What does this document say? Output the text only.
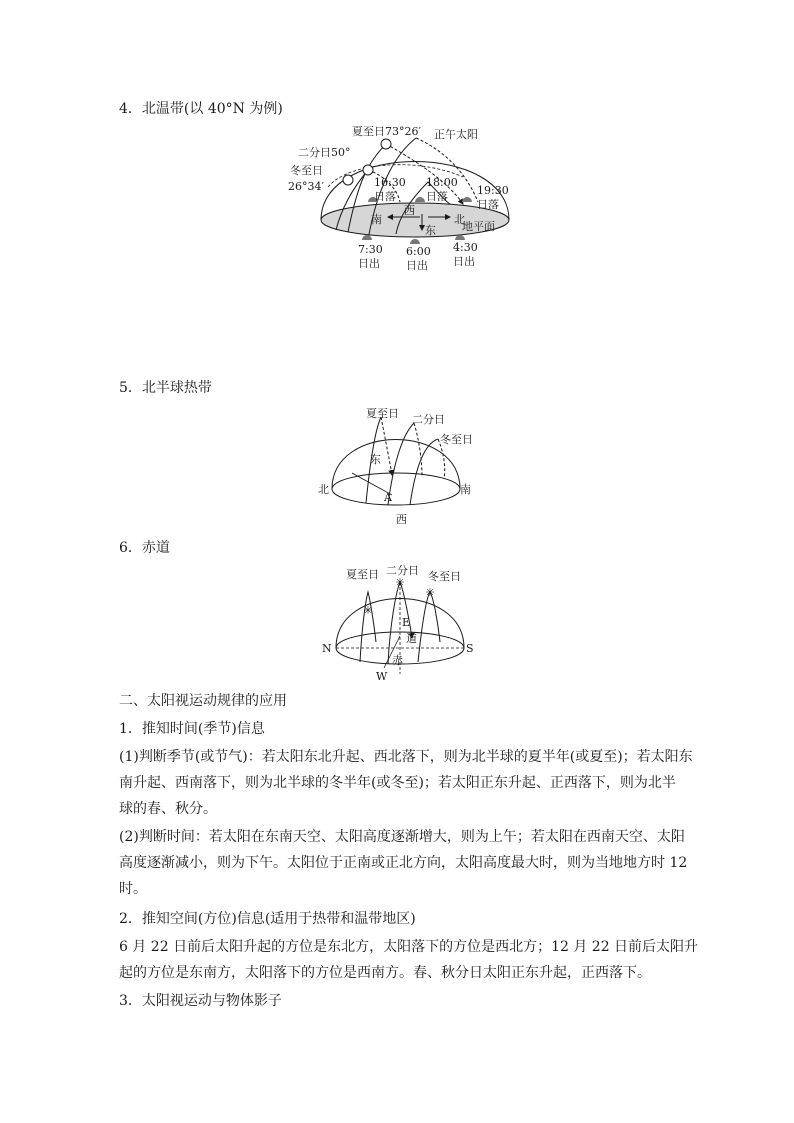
4．北温带(以 40°N 为例)
夏至日73°26′ 正午太阳
二分日50°
冬至日
26°34′	16:30
日落
18:00
日落	19:30
日落
西
南	北
地平面
东
7:30
日出
6:00
日出
4:30
日出
5．北半球热带
夏至日 二分日
冬至日
东
北	南
A
西
6．赤道
✳
✳
✳
夏至日 二分日 冬至日
E
道
N	S
赤
W
二、太阳视运动规律的应用
1．推知时间(季节)信息
(1)判断季节(或节气)：若太阳东北升起、西北落下，则为北半球的夏半年(或夏至)；若太阳东
南升起、西南落下，则为北半球的冬半年(或冬至)；若太阳正东升起、正西落下，则为北半
球的春、秋分。
(2)判断时间：若太阳在东南天空、太阳高度逐渐增大，则为上午；若太阳在西南天空、太阳
高度逐渐减小，则为下午。太阳位于正南或正北方向，太阳高度最大时，则为当地地方时 12
时。
2．推知空间(方位)信息(适用于热带和温带地区)
6 月 22 日前后太阳升起的方位是东北方，太阳落下的方位是西北方；12 月 22 日前后太阳升
起的方位是东南方，太阳落下的方位是西南方。春、秋分日太阳正东升起，正西落下。
3．太阳视运动与物体影子
